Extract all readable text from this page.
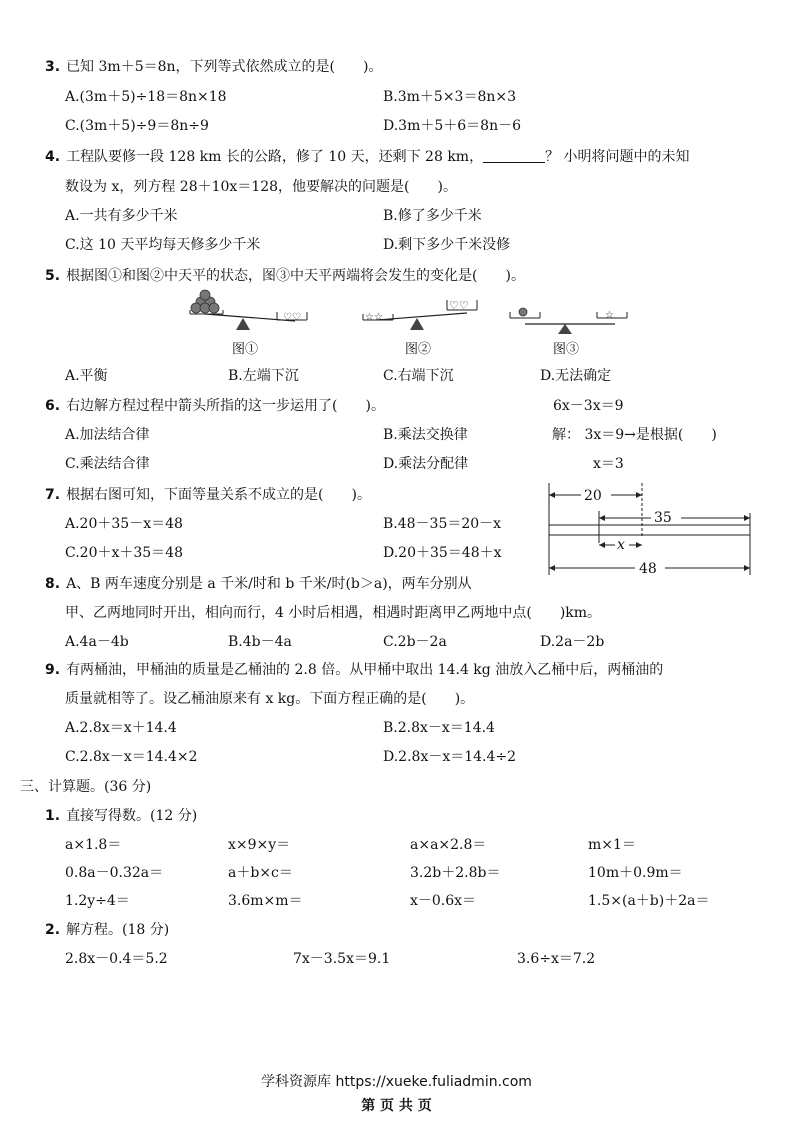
3. 已知 3m＋5＝8n，下列等式依然成立的是(　　)。
A.(3m＋5)÷18＝8n×18	B.3m＋5×3＝8n×3
C.(3m＋5)÷9＝8n÷9	D.3m＋5＋6＝8n－6
4. 工程队要修一段 128 km 长的公路，修了 10 天，还剩下 28 km，	？ 小明将问题中的未知
数设为 x，列方程 28＋10x＝128，他要解决的问题是(　　)。
A.一共有多少千米	B.修了多少千米
C.这 10 天平均每天修多少千米	D.剩下多少千米没修
5. 根据图①和图②中天平的状态，图③中天平两端将会发生的变化是(　　)。
♡♡
图①
☆☆
♡♡
图②
☆
图③
A.平衡	B.左端下沉	C.右端下沉	D.无法确定
6. 右边解方程过程中箭头所指的这一步运用了(　　)。	6x－3x＝9
A.加法结合律	B.乘法交换律	解： 3x＝9→是根据(　　)
C.乘法结合律	D.乘法分配律	x＝3
7. 根据右图可知，下面等量关系不成立的是(　　)。
A.20＋35－x＝48	B.48－35＝20－x
C.20＋x＋35＝48	D.20＋35＝48＋x
20
35
x
48
8. A、B 两车速度分别是 a 千米/时和 b 千米/时(b＞a)，两车分别从
甲、乙两地同时开出，相向而行，4 小时后相遇，相遇时距离甲乙两地中点(　　)km。
A.4a－4b	B.4b－4a	C.2b－2a	D.2a－2b
9. 有两桶油，甲桶油的质量是乙桶油的 2.8 倍。从甲桶中取出 14.4 kg 油放入乙桶中后，两桶油的
质量就相等了。设乙桶油原来有 x kg。下面方程正确的是(　　)。
A.2.8x＝x＋14.4	B.2.8x－x＝14.4
C.2.8x－x＝14.4×2	D.2.8x－x＝14.4÷2
三、计算题。(36 分)
1. 直接写得数。(12 分)
a×1.8＝	x×9×y＝	a×a×2.8＝	m×1＝
0.8a－0.32a＝	a＋b×c＝	3.2b＋2.8b＝	10m＋0.9m＝
1.2y÷4＝	3.6m×m＝	x－0.6x＝	1.5×(a＋b)＋2a＝
2. 解方程。(18 分)
2.8x－0.4＝5.2	7x－3.5x＝9.1	3.6÷x＝7.2
学科资源库 https://xueke.fuliadmin.com
第 页 共 页
